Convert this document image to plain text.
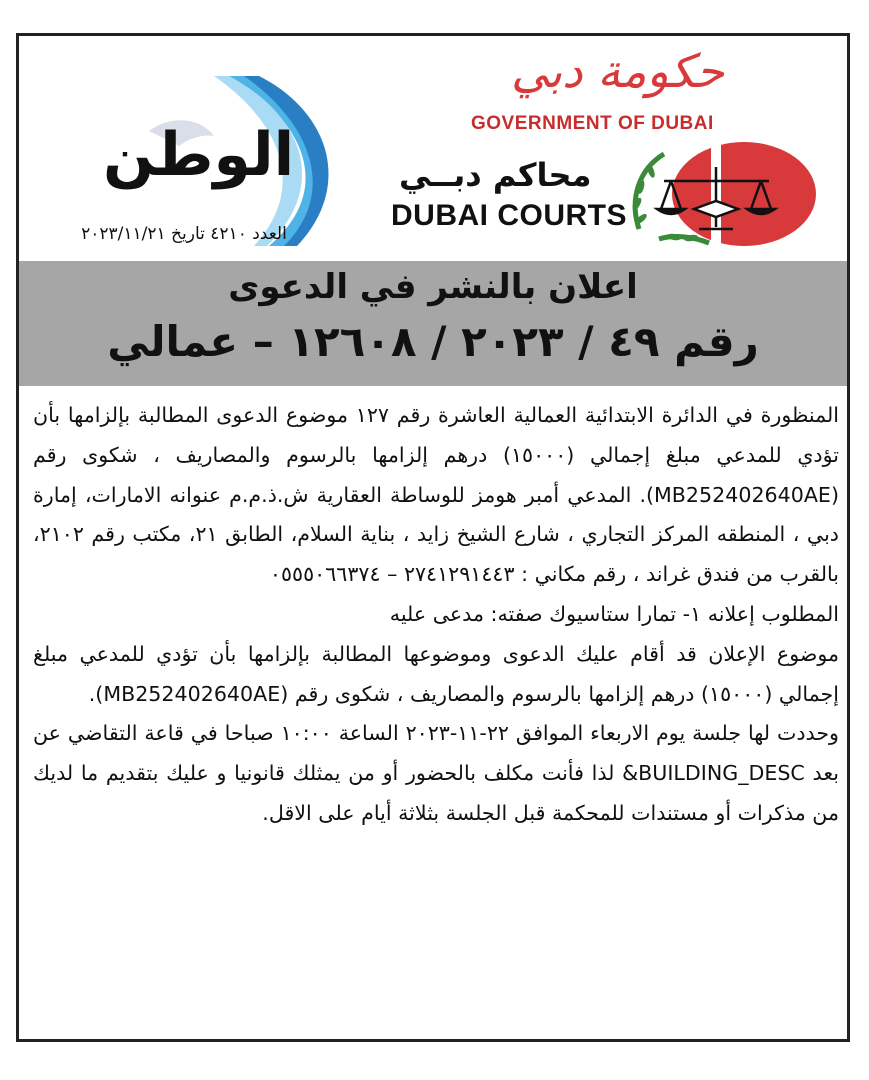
الوطن
العدد ٤٢١٠ تاريخ ٢٠٢٣/١١/٢١
حكومة دبي
GOVERNMENT OF DUBAI
محاكم دبــي
DUBAI COURTS
اعلان بالنشر في الدعوى
رقم ٤٩ / ٢٠٢٣ / ١٢٦٠٨ – عمالي

المنظورة في الدائرة الابتدائية العمالية العاشرة رقم ١٢٧ موضوع الدعوى المطالبة بإلزامها بأن تؤدي للمدعي مبلغ إجمالي (١٥٠٠٠) درهم إلزامها بالرسوم والمصاريف ، شكوى رقم (MB252402640AE). المدعي أمبر هومز للوساطة العقارية ش.ذ.م.م عنوانه الامارات، إمارة دبي ، المنطقه المركز التجاري ، شارع الشيخ زايد ، بناية السلام، الطابق ٢١، مكتب رقم ٢١٠٢، بالقرب من فندق غراند ، رقم مكاني : ٢٧٤١٢٩١٤٤٣ – ٠٥٥٥٠٦٦٣٧٤

المطلوب إعلانه ١- تمارا ستاسيوك صفته: مدعى عليه

موضوع الإعلان قد أقام عليك الدعوى وموضوعها المطالبة بإلزامها بأن تؤدي للمدعي مبلغ إجمالي (١٥٠٠٠) درهم إلزامها بالرسوم والمصاريف ، شكوى رقم (MB252402640AE).

وحددت لها جلسة يوم الاربعاء الموافق ٢٢-١١-٢٠٢٣ الساعة ١٠:٠٠ صباحا في قاعة التقاضي عن بعد BUILDING_DESC& لذا فأنت مكلف بالحضور أو من يمثلك قانونيا و عليك بتقديم ما لديك من مذكرات أو مستندات للمحكمة قبل الجلسة بثلاثة أيام على الاقل.
